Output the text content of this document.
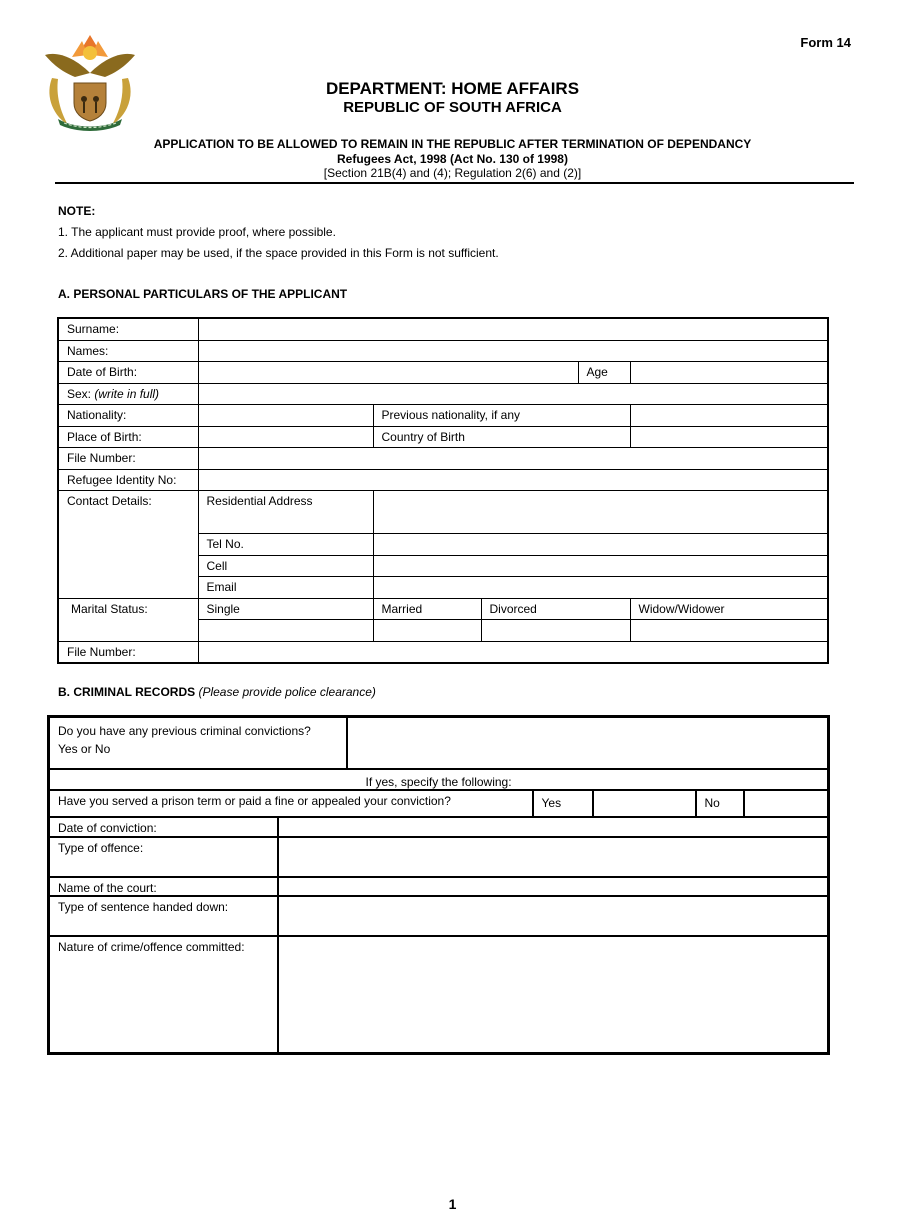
Form 14
DEPARTMENT: HOME AFFAIRS
REPUBLIC OF SOUTH AFRICA
APPLICATION TO BE ALLOWED TO REMAIN IN THE REPUBLIC AFTER TERMINATION OF DEPENDANCY
Refugees Act, 1998 (Act No. 130 of 1998)
[Section 21B(4) and (4); Regulation 2(6) and (2)]
NOTE:
1. The applicant must provide proof, where possible.
2. Additional paper may be used, if the space provided in this Form is not sufficient.
A. PERSONAL PARTICULARS OF THE APPLICANT
Surname:					
Names:					
Date of Birth:				Age	
Sex: (write in full)					
Nationality:		Previous nationality, if any			
Place of Birth:		Country of Birth			
File Number:					
Refugee Identity No:					
Contact Details:	Residential Address				
	Tel No.				
	Cell				
	Email				
Marital Status:	Single	Married	Divorced		Widow/Widower

File Number:					
B. CRIMINAL RECORDS (Please provide police clearance)
Do you have any previous criminal convictions?
Yes or No						

If yes, specify the following:						
Have you served a prison term or paid a fine or appealed your conviction?			Yes		No	
Date of conviction:						
Type of offence:						
Name of the court:						
Type of sentence handed down:						
Nature of crime/offence committed:						
1
